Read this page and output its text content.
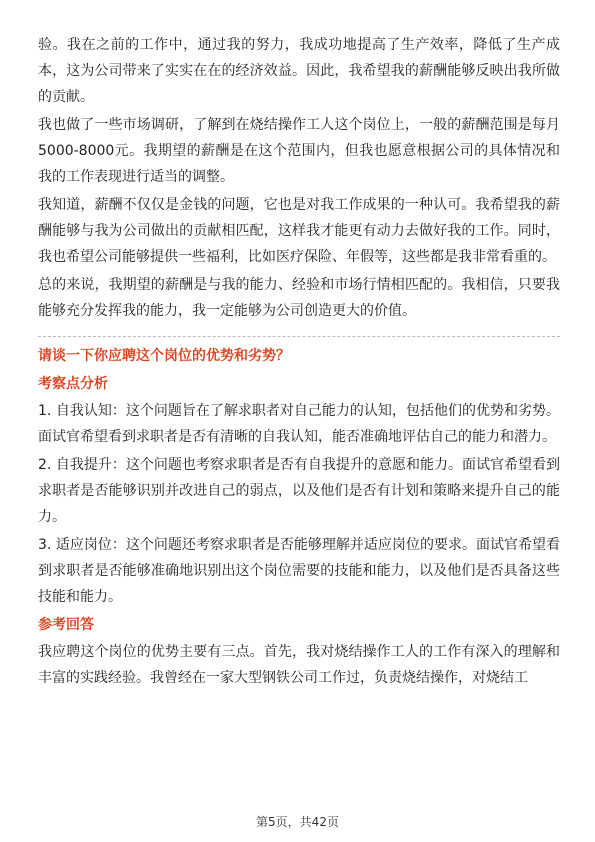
验。我在之前的工作中，通过我的努力，我成功地提高了生产效率，降低了生产成本，这为公司带来了实实在在的经济效益。因此，我希望我的薪酬能够反映出我所做的贡献。

我也做了一些市场调研，了解到在烧结操作工人这个岗位上，一般的薪酬范围是每月5000-8000元。我期望的薪酬是在这个范围内，但我也愿意根据公司的具体情况和我的工作表现进行适当的调整。

我知道，薪酬不仅仅是金钱的问题，它也是对我工作成果的一种认可。我希望我的薪酬能够与我为公司做出的贡献相匹配，这样我才能更有动力去做好我的工作。同时，我也希望公司能够提供一些福利，比如医疗保险、年假等，这些都是我非常看重的。

总的来说，我期望的薪酬是与我的能力、经验和市场行情相匹配的。我相信，只要我能够充分发挥我的能力，我一定能够为公司创造更大的价值。

请谈一下你应聘这个岗位的优势和劣势？

考察点分析

1. 自我认知：这个问题旨在了解求职者对自己能力的认知，包括他们的优势和劣势。面试官希望看到求职者是否有清晰的自我认知，能否准确地评估自己的能力和潜力。

2. 自我提升：这个问题也考察求职者是否有自我提升的意愿和能力。面试官希望看到求职者是否能够识别并改进自己的弱点，以及他们是否有计划和策略来提升自己的能力。

3. 适应岗位：这个问题还考察求职者是否能够理解并适应岗位的要求。面试官希望看到求职者是否能够准确地识别出这个岗位需要的技能和能力，以及他们是否具备这些技能和能力。

参考回答

我应聘这个岗位的优势主要有三点。首先，我对烧结操作工人的工作有深入的理解和丰富的实践经验。我曾经在一家大型钢铁公司工作过，负责烧结操作，对烧结工

第5页，共42页
